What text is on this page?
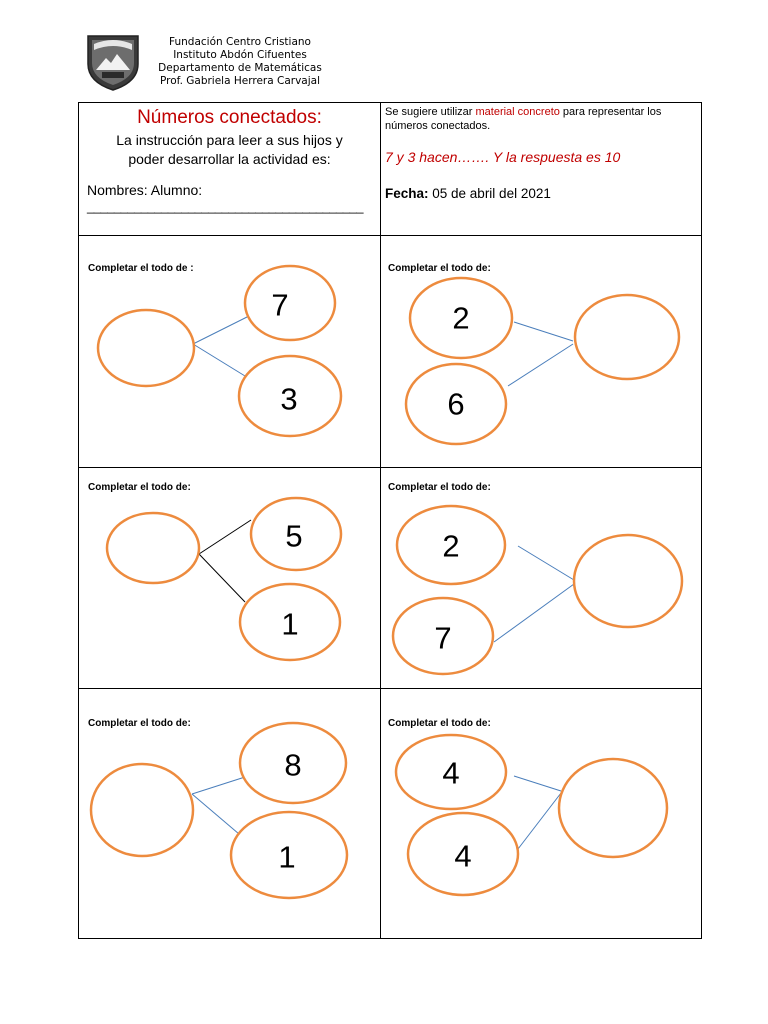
Fundación Centro Cristiano
Instituto Abdón Cifuentes
Departamento de Matemáticas
Prof. Gabriela Herrera Carvajal
Números conectados:
La instrucción para leer a sus hijos y
poder desarrollar la actividad es:
Nombres: Alumno:
_________________________________________
Se sugiere utilizar material concreto para representar los números conectados.
7 y 3 hacen……. Y la respuesta es 10
Fecha: 05 de abril del 2021
Completar el todo de :
7
3
Completar el todo de:
2
6
Completar el todo de:
5
1
Completar el todo de:
2
7
Completar el todo de:
8
1
Completar el todo de:
4
4
